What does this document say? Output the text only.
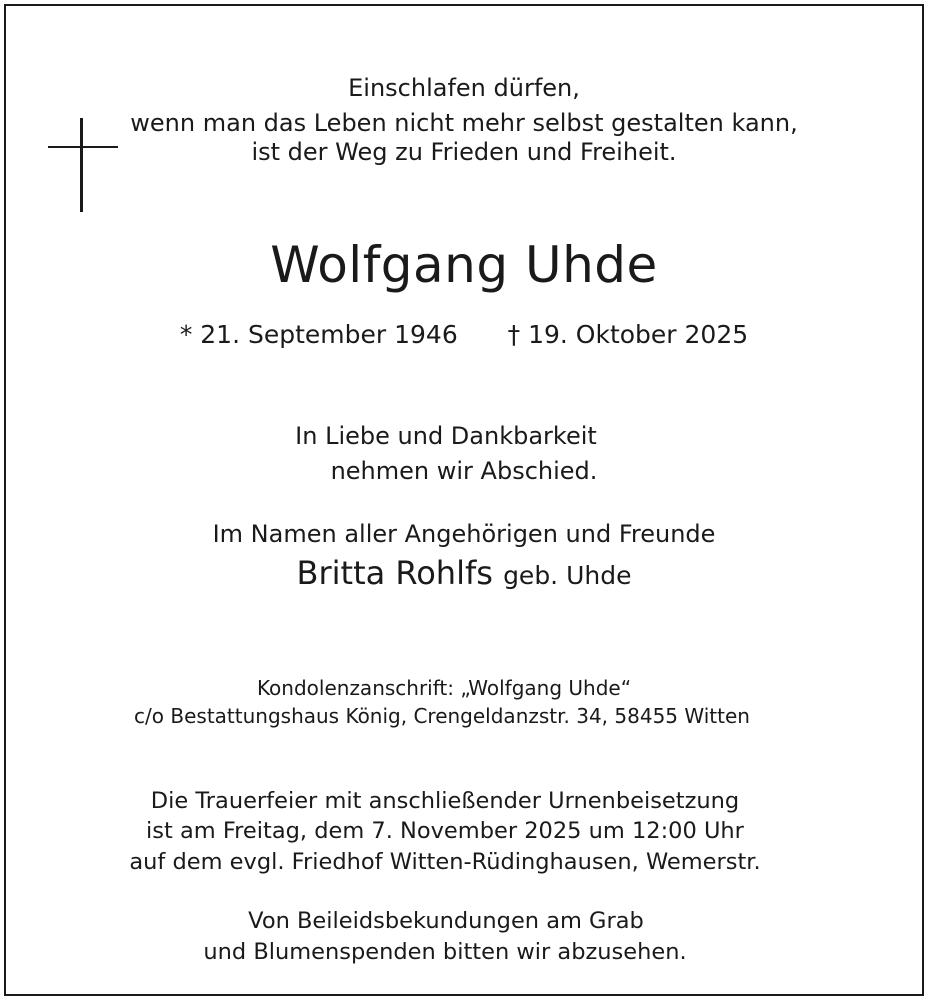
Einschlafen dürfen,
wenn man das Leben nicht mehr selbst gestalten kann,
ist der Weg zu Frieden und Freiheit.
Wolfgang Uhde
* 21. September 1946 † 19. Oktober 2025
In Liebe und Dankbarkeit
nehmen wir Abschied.
Im Namen aller Angehörigen und Freunde
Britta Rohlfs geb. Uhde
Kondolenzanschrift: „Wolfgang Uhde“
c/o Bestattungshaus König, Crengeldanzstr. 34, 58455 Witten
Die Trauerfeier mit anschließender Urnenbeisetzung
ist am Freitag, dem 7. November 2025 um 12:00 Uhr
auf dem evgl. Friedhof Witten-Rüdinghausen, Wemerstr.
Von Beileidsbekundungen am Grab
und Blumenspenden bitten wir abzusehen.
